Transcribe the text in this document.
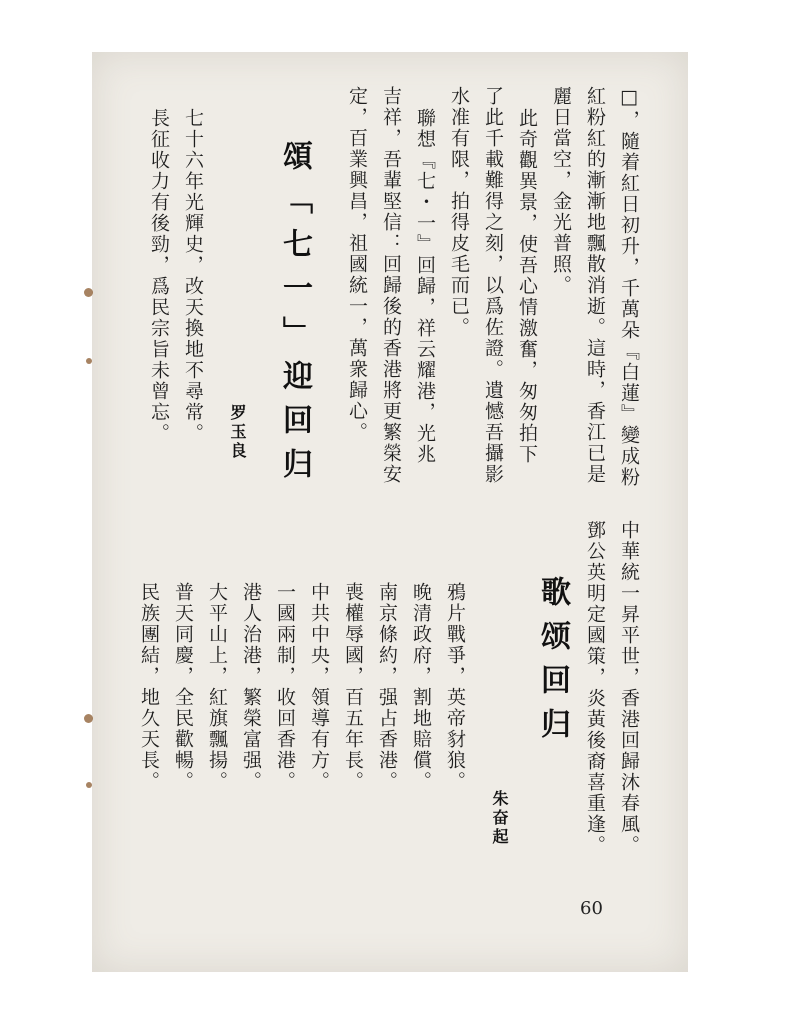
□，隨着紅日初升，千萬朵『白蓮』變成粉
紅粉紅的漸漸地飄散消逝。這時，香江已是
麗日當空，金光普照。
此奇觀異景，使吾心情激奮，匆匆拍下
了此千載難得之刻，以爲佐證。遺憾吾攝影
水准有限，拍得皮毛而已。
聯想『七・一』回歸，祥云耀港，光兆
吉祥，吾輩堅信：回歸後的香港將更繁榮安
定，百業興昌，祖國統一，萬衆歸心。
頌「七一」迎回归
罗玉良
七十六年光輝史，改天換地不尋常。
長征收力有後勁，爲民宗旨未曾忘。
中華統一昇平世，香港回歸沐春風。
鄧公英明定國策，炎黃後裔喜重逢。
歌颂回归
朱奋起
鴉片戰爭，英帝豺狼。
晚清政府，割地賠償。
南京條約，强占香港。
喪權辱國，百五年長。
中共中央，領導有方。
一國兩制，收回香港。
港人治港，繁榮富强。
大平山上，紅旗飄揚。
普天同慶，全民歡暢。
民族團結，地久天長。
60
